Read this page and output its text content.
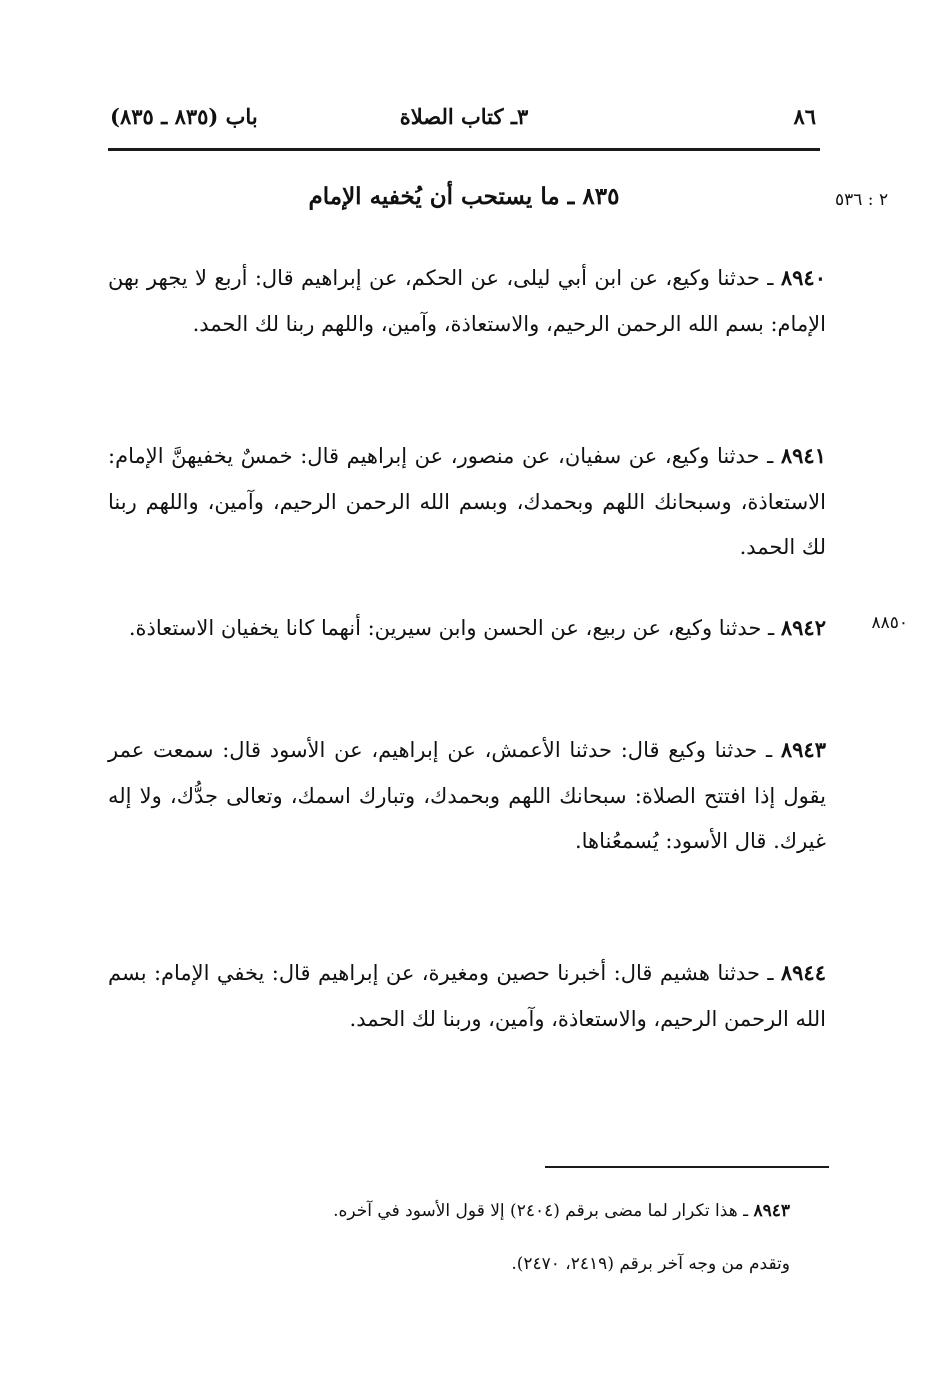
٨٦
٣ـ كتاب الصلاة
باب (٨٣٥ ـ ٨٣٥)
٢ : ٥٣٦
٨٣٥ ـ ما يستحب أن يُخفيه الإمام

٨٩٤٠ ـ حدثنا وكيع، عن ابن أبي ليلى، عن الحكم، عن إبراهيم قال: أربع لا يجهر بهن الإمام: بسم الله الرحمن الرحيم، والاستعاذة، وآمين، واللهم ربنا لك الحمد.

٨٩٤١ ـ حدثنا وكيع، عن سفيان، عن منصور، عن إبراهيم قال: خمسٌ يخفيهنَّ الإمام: الاستعاذة، وسبحانك اللهم وبحمدك، وبسم الله الرحمن الرحيم، وآمين، واللهم ربنا لك الحمد.

٨٨٥٠

٨٩٤٢ ـ حدثنا وكيع، عن ربيع، عن الحسن وابن سيرين: أنهما كانا يخفيان الاستعاذة.

٨٩٤٣ ـ حدثنا وكيع قال: حدثنا الأعمش، عن إبراهيم، عن الأسود قال: سمعت عمر يقول إذا افتتح الصلاة: سبحانك اللهم وبحمدك، وتبارك اسمك، وتعالى جدُّك، ولا إله غيرك. قال الأسود: يُسمعُناها.

٨٩٤٤ ـ حدثنا هشيم قال: أخبرنا حصين ومغيرة، عن إبراهيم قال: يخفي الإمام: بسم الله الرحمن الرحيم، والاستعاذة، وآمين، وربنا لك الحمد.

٨٩٤٣ ـ هذا تكرار لما مضى برقم (٢٤٠٤) إلا قول الأسود في آخره.
وتقدم من وجه آخر برقم (٢٤١٩، ٢٤٧٠).
